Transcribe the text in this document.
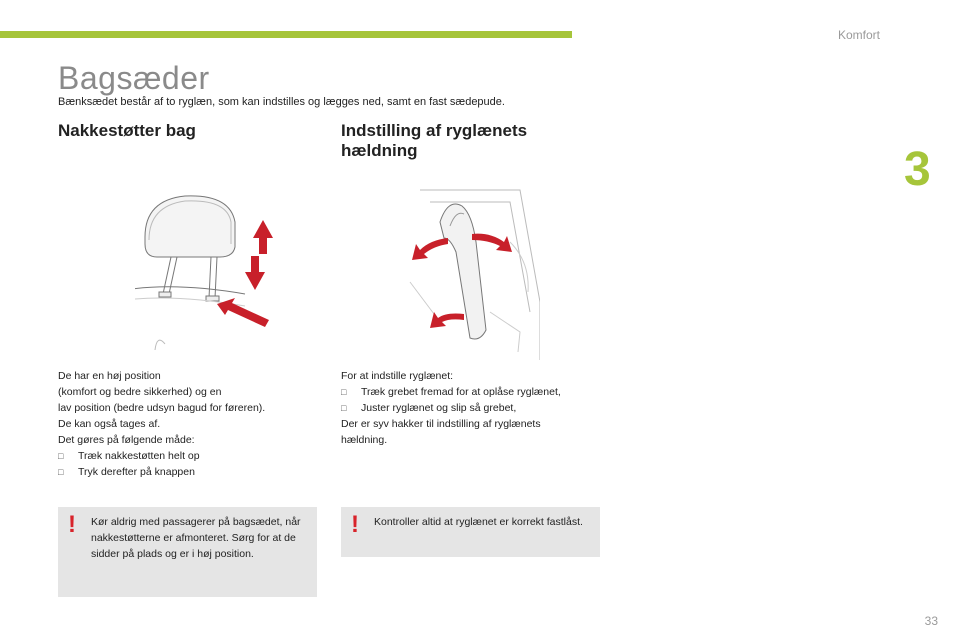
Komfort
3
Bagsæder
Bænksædet består af to ryglæn, som kan indstilles og lægges ned, samt en fast sædepude.
Nakkestøtter bag	Indstilling af ryglænets hældning
De har en høj position
(komfort og bedre sikkerhed) og en
lav position (bedre udsyn bagud for føreren).
De kan også tages af.
Det gøres på følgende måde:
□ Træk nakkestøtten helt op
□ Tryk derefter på knappen
For at indstille ryglænet:
□ Træk grebet fremad for at oplåse ryglænet,
□ Juster ryglænet og slip så grebet,
Der er syv hakker til indstilling af ryglænets
hældning.
! Kør aldrig med passagerer på bagsædet, når nakkestøtterne er afmonteret. Sørg for at de sidder på plads og er i høj position.
! Kontroller altid at ryglænet er korrekt fastlåst.
33
